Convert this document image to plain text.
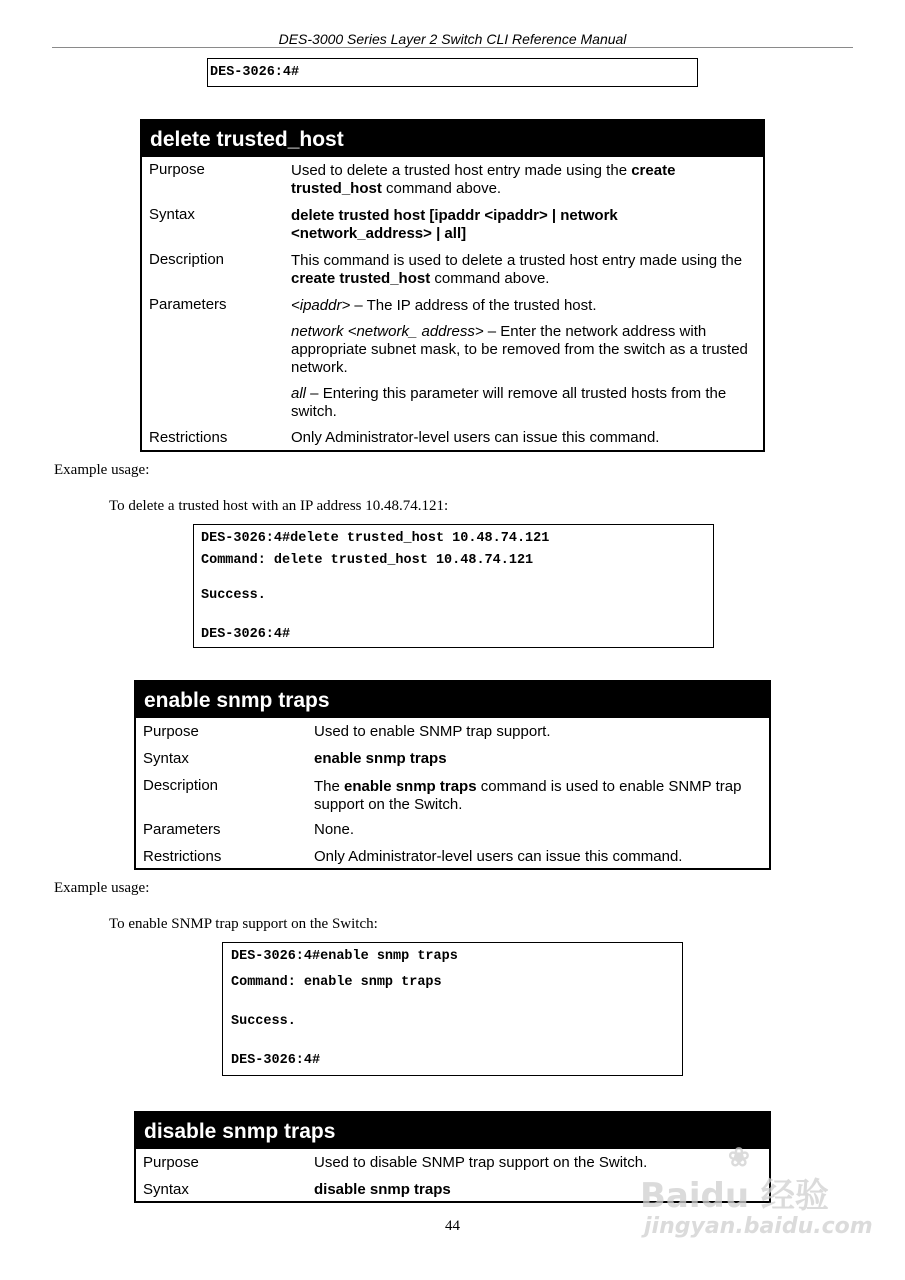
DES-3000 Series Layer 2 Switch CLI Reference Manual
DES-3026:4#
delete trusted_host
Purpose	Used to delete a trusted host entry made using the create
trusted_host command above.
Syntax	delete trusted host [ipaddr <ipaddr> | network
<network_address> | all]
Description	This command is used to delete a trusted host entry made using the
create trusted_host command above.
Parameters	<ipaddr> – The IP address of the trusted host.
network <network_ address> – Enter the network address with
appropriate subnet mask, to be removed from the switch as a trusted
network.
all – Entering this parameter will remove all trusted hosts from the
switch.
Restrictions	Only Administrator-level users can issue this command.
Example usage:
To delete a trusted host with an IP address 10.48.74.121:
DES-3026:4#delete trusted_host 10.48.74.121
Command: delete trusted_host 10.48.74.121
Success.
DES-3026:4#
enable snmp traps
Purpose	Used to enable SNMP trap support.
Syntax	enable snmp traps
Description	The enable snmp traps command is used to enable SNMP trap
support on the Switch.
Parameters	None.
Restrictions	Only Administrator-level users can issue this command.
Example usage:
To enable SNMP trap support on the Switch:
DES-3026:4#enable snmp traps
Command: enable snmp traps
Success.
DES-3026:4#
disable snmp traps
Purpose	Used to disable SNMP trap support on the Switch.
Syntax	disable snmp traps
44
❀
Baidu 经验
jingyan.baidu.com
